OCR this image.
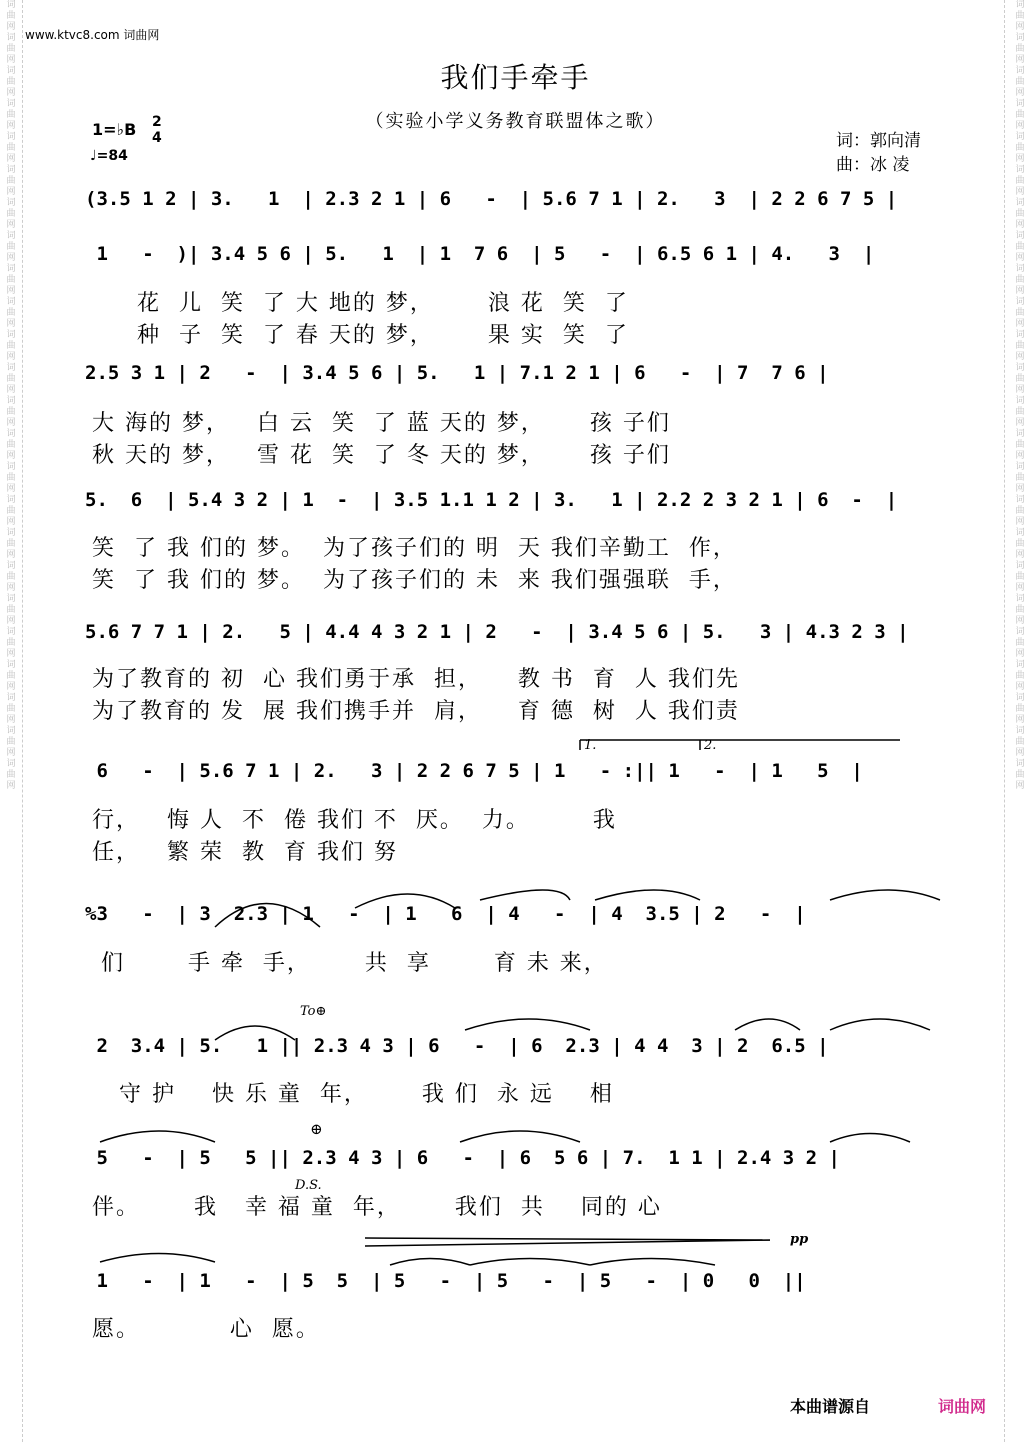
词曲网词曲网词曲网词曲网词曲网词曲网词曲网词曲网词曲网词曲网词曲网词曲网词曲网词曲网词曲网词曲网词曲网词曲网词曲网词曲网词曲网词曲网词曲网词曲网
词曲网词曲网词曲网词曲网词曲网词曲网词曲网词曲网词曲网词曲网词曲网词曲网词曲网词曲网词曲网词曲网词曲网词曲网词曲网词曲网词曲网词曲网词曲网词曲网
www.ktvc8.com 词曲网
我们手牵手
（实验小学义务教育联盟体之歌）
1=♭B 2
4
♩=84
词：郭向清
曲：冰 凌
(3.5 1 2 | 3.   1  | 2.3 2 1 | 6   -  | 5.6 7 1 | 2.   3  | 2 2 6 7 5 |
1   -  )| 3.4 5 6 | 5.   1  | 1  7 6  | 5   -  | 6.5 6 1 | 4.   3  |
花  儿  笑  了 大 地的 梦，      浪 花  笑  了
种  子  笑  了 春 天的 梦，      果 实  笑  了
2.5 3 1 | 2   -  | 3.4 5 6 | 5.   1 | 7.1 2 1 | 6   -  | 7  7 6 |
大 海的 梦，   白 云  笑  了 蓝 天的 梦，     孩 子们
秋 天的 梦，   雪 花  笑  了 冬 天的 梦，     孩 子们
5.  6  | 5.4 3 2 | 1  -  | 3.5 1.1 1 2 | 3.   1 | 2.2 2 3 2 1 | 6  -  |
笑  了 我 们的 梦。  为了孩子们的 明  天 我们辛勤工  作，
笑  了 我 们的 梦。  为了孩子们的 未  来 我们强强联  手，
5.6 7 7 1 | 2.   5 | 4.4 4 3 2 1 | 2   -  | 3.4 5 6 | 5.   3 | 4.3 2 3 |
为了教育的 初  心 我们勇于承  担，    教 书  育  人 我们先
为了教育的 发  展 我们携手并  肩，    育 德  树  人 我们责
1.	2.
6   -  | 5.6 7 1 | 2.   3 | 2 2 6 7 5 | 1   - :|| 1   -  | 1   5  |
行，   悔 人  不  倦 我们 不  厌。  力。       我
任，   繁 荣  教  育 我们 努
%3   -  | 3  2.3 | 1   -  | 1   6  | 4   -  | 4  3.5 | 2   -  |
们       手 牵  手，      共  享       育 未 来，
To⊕
2  3.4 | 5.   1 || 2.3 4 3 | 6   -  | 6  2.3 | 4 4  3 | 2  6.5 |
守 护    快 乐 童  年，      我 们  永 远    相
⊕
5   -  | 5   5 || 2.3 4 3 | 6   -  | 6  5 6 | 7.  1 1 | 2.4 3 2 |
D.S.
伴。      我   幸 福 童  年，      我们  共    同的 心
pp
1   -  | 1   -  | 5  5  | 5   -  | 5   -  | 5   -  | 0   0  ||
愿。          心  愿。
本曲谱源自	词曲网
